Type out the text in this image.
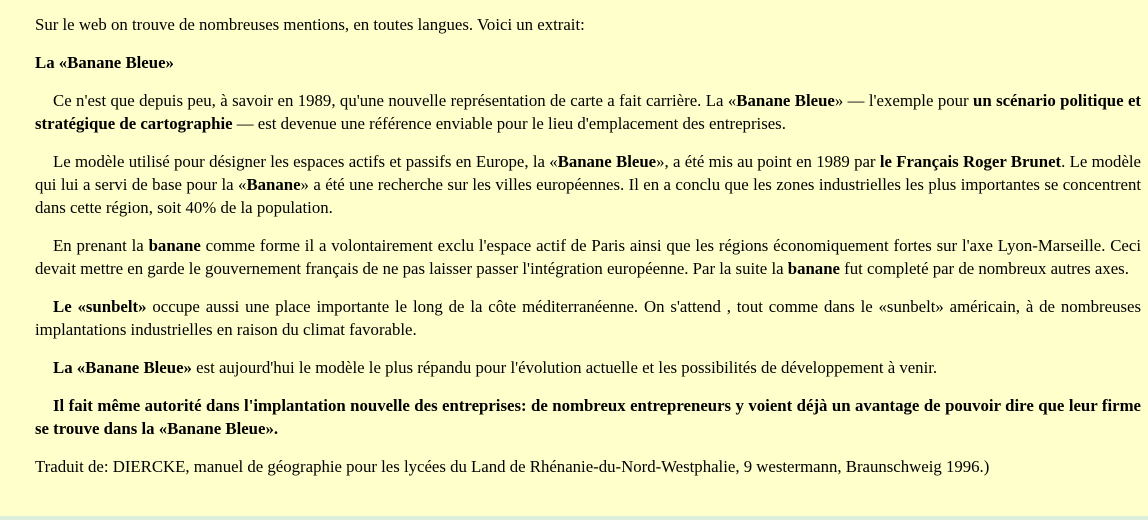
Sur le web on trouve de nombreuses mentions, en toutes langues. Voici un extrait:

La «Banane Bleue»

Ce n'est que depuis peu, à savoir en 1989, qu'une nouvelle représentation de carte a fait carrière. La «Banane Bleue» — l'exemple pour un scénario politique et stratégique de cartographie — est devenue une référence enviable pour le lieu d'emplacement des entreprises.

Le modèle utilisé pour désigner les espaces actifs et passifs en Europe, la «Banane Bleue», a été mis au point en 1989 par le Français Roger Brunet. Le modèle qui lui a servi de base pour la «Banane» a été une recherche sur les villes européennes. Il en a conclu que les zones industrielles les plus importantes se concentrent dans cette région, soit 40% de la population.

En prenant la banane comme forme il a volontairement exclu l'espace actif de Paris ainsi que les régions économiquement fortes sur l'axe Lyon-Marseille. Ceci devait mettre en garde le gouvernement français de ne pas laisser passer l'intégration européenne. Par la suite la banane fut completé par de nombreux autres axes.

Le «sunbelt» occupe aussi une place importante le long de la côte méditerranéenne. On s'attend , tout comme dans le «sunbelt» américain, à de nombreuses implantations industrielles en raison du climat favorable.

La «Banane Bleue» est aujourd'hui le modèle le plus répandu pour l'évolution actuelle et les possibilités de développement à venir.

Il fait même autorité dans l'implantation nouvelle des entreprises: de nombreux entrepreneurs y voient déjà un avantage de pouvoir dire que leur firme se trouve dans la «Banane Bleue».

Traduit de: DIERCKE, manuel de géographie pour les lycées du Land de Rhénanie-du-Nord-Westphalie, 9 westermann, Braunschweig 1996.)
